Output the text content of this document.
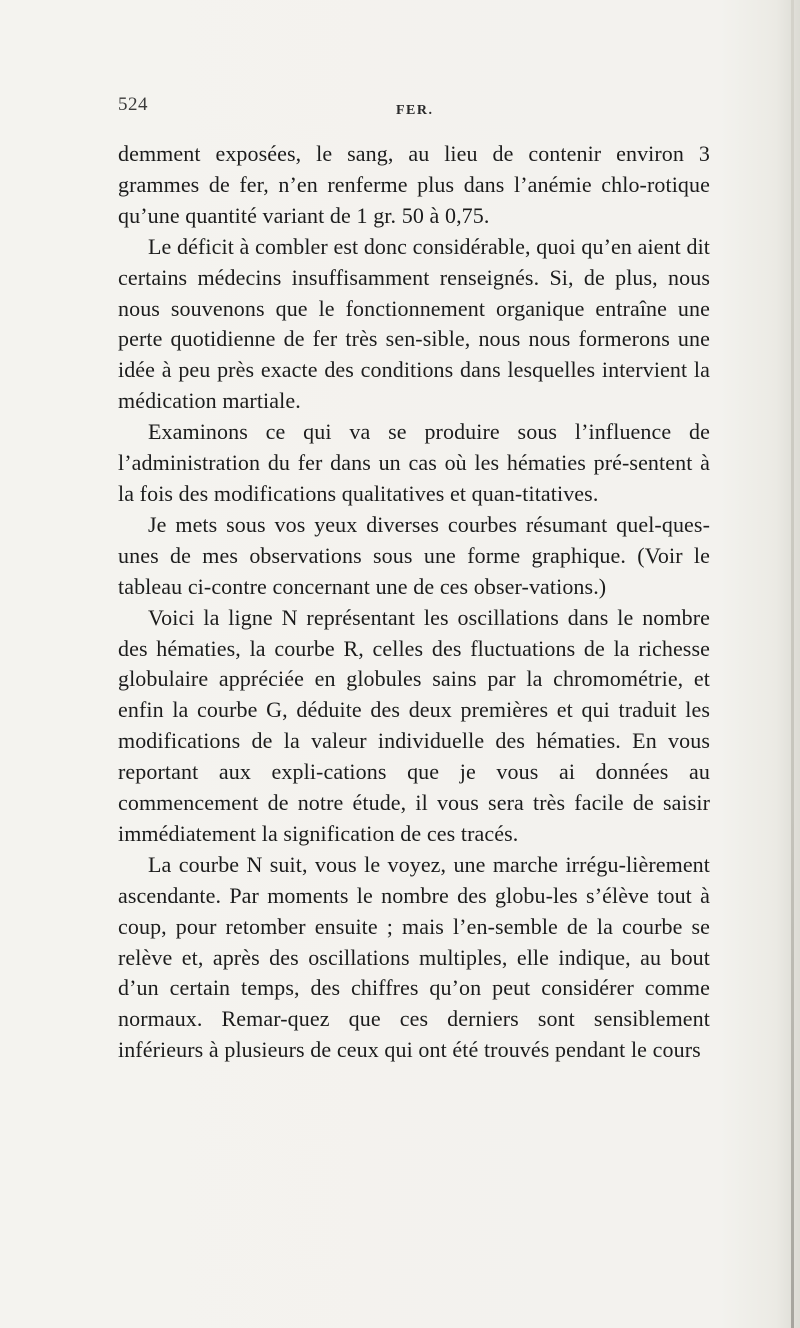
524	FER.

demment exposées, le sang, au lieu de contenir environ 3 grammes de fer, n’en renferme plus dans l’anémie chlo-rotique qu’une quantité variant de 1 gr. 50 à 0,75.

Le déficit à combler est donc considérable, quoi qu’en aient dit certains médecins insuffisamment renseignés. Si, de plus, nous nous souvenons que le fonctionnement organique entraîne une perte quotidienne de fer très sen-sible, nous nous formerons une idée à peu près exacte des conditions dans lesquelles intervient la médication martiale.

Examinons ce qui va se produire sous l’influence de l’administration du fer dans un cas où les hématies pré-sentent à la fois des modifications qualitatives et quan-titatives.

Je mets sous vos yeux diverses courbes résumant quel-ques-unes de mes observations sous une forme graphique. (Voir le tableau ci-contre concernant une de ces obser-vations.)

Voici la ligne N représentant les oscillations dans le nombre des hématies, la courbe R, celles des fluctuations de la richesse globulaire appréciée en globules sains par la chromométrie, et enfin la courbe G, déduite des deux premières et qui traduit les modifications de la valeur individuelle des hématies. En vous reportant aux expli-cations que je vous ai données au commencement de notre étude, il vous sera très facile de saisir immédiatement la signification de ces tracés.

La courbe N suit, vous le voyez, une marche irrégu-lièrement ascendante. Par moments le nombre des globu-les s’élève tout à coup, pour retomber ensuite ; mais l’en-semble de la courbe se relève et, après des oscillations multiples, elle indique, au bout d’un certain temps, des chiffres qu’on peut considérer comme normaux. Remar-quez que ces derniers sont sensiblement inférieurs à plusieurs de ceux qui ont été trouvés pendant le cours
